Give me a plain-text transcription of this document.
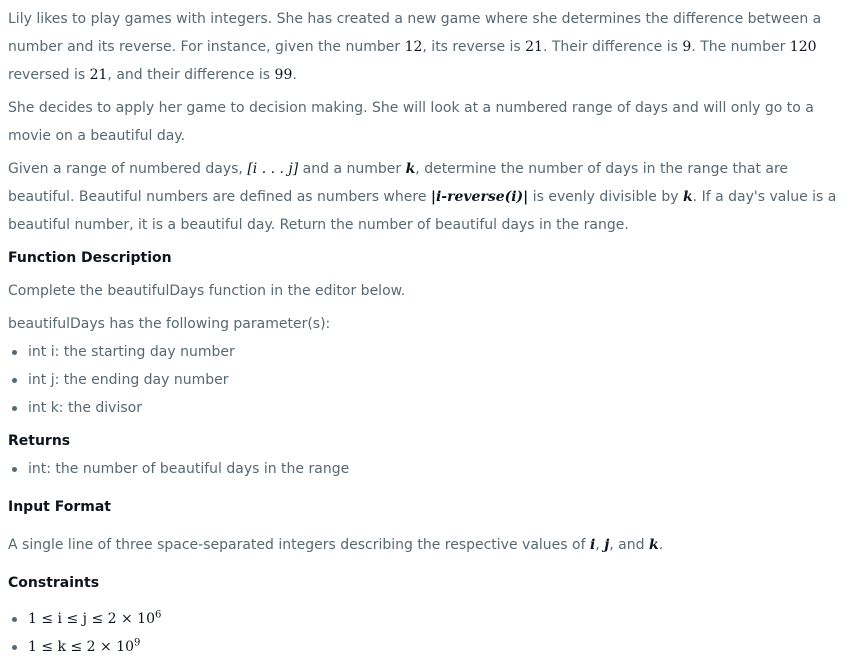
Lily likes to play games with integers. She has created a new game where she determines the difference between a number and its reverse. For instance, given the number 12, its reverse is 21. Their difference is 9. The number 120 reversed is 21, and their difference is 99.

She decides to apply her game to decision making. She will look at a numbered range of days and will only go to a movie on a beautiful day.

Given a range of numbered days, [i . . . j] and a number k, determine the number of days in the range that are beautiful. Beautiful numbers are defined as numbers where |i-reverse(i)| is evenly divisible by k. If a day's value is a beautiful number, it is a beautiful day. Return the number of beautiful days in the range.

Function Description

Complete the beautifulDays function in the editor below.

beautifulDays has the following parameter(s):

int i: the starting day number
int j: the ending day number
int k: the divisor
Returns
int: the number of beautiful days in the range
Input Format

A single line of three space-separated integers describing the respective values of i, j, and k.

Constraints
$1 \le i \le j \le 2 \times 10^6$
$1 \le k \le 2 \times 10^9$
